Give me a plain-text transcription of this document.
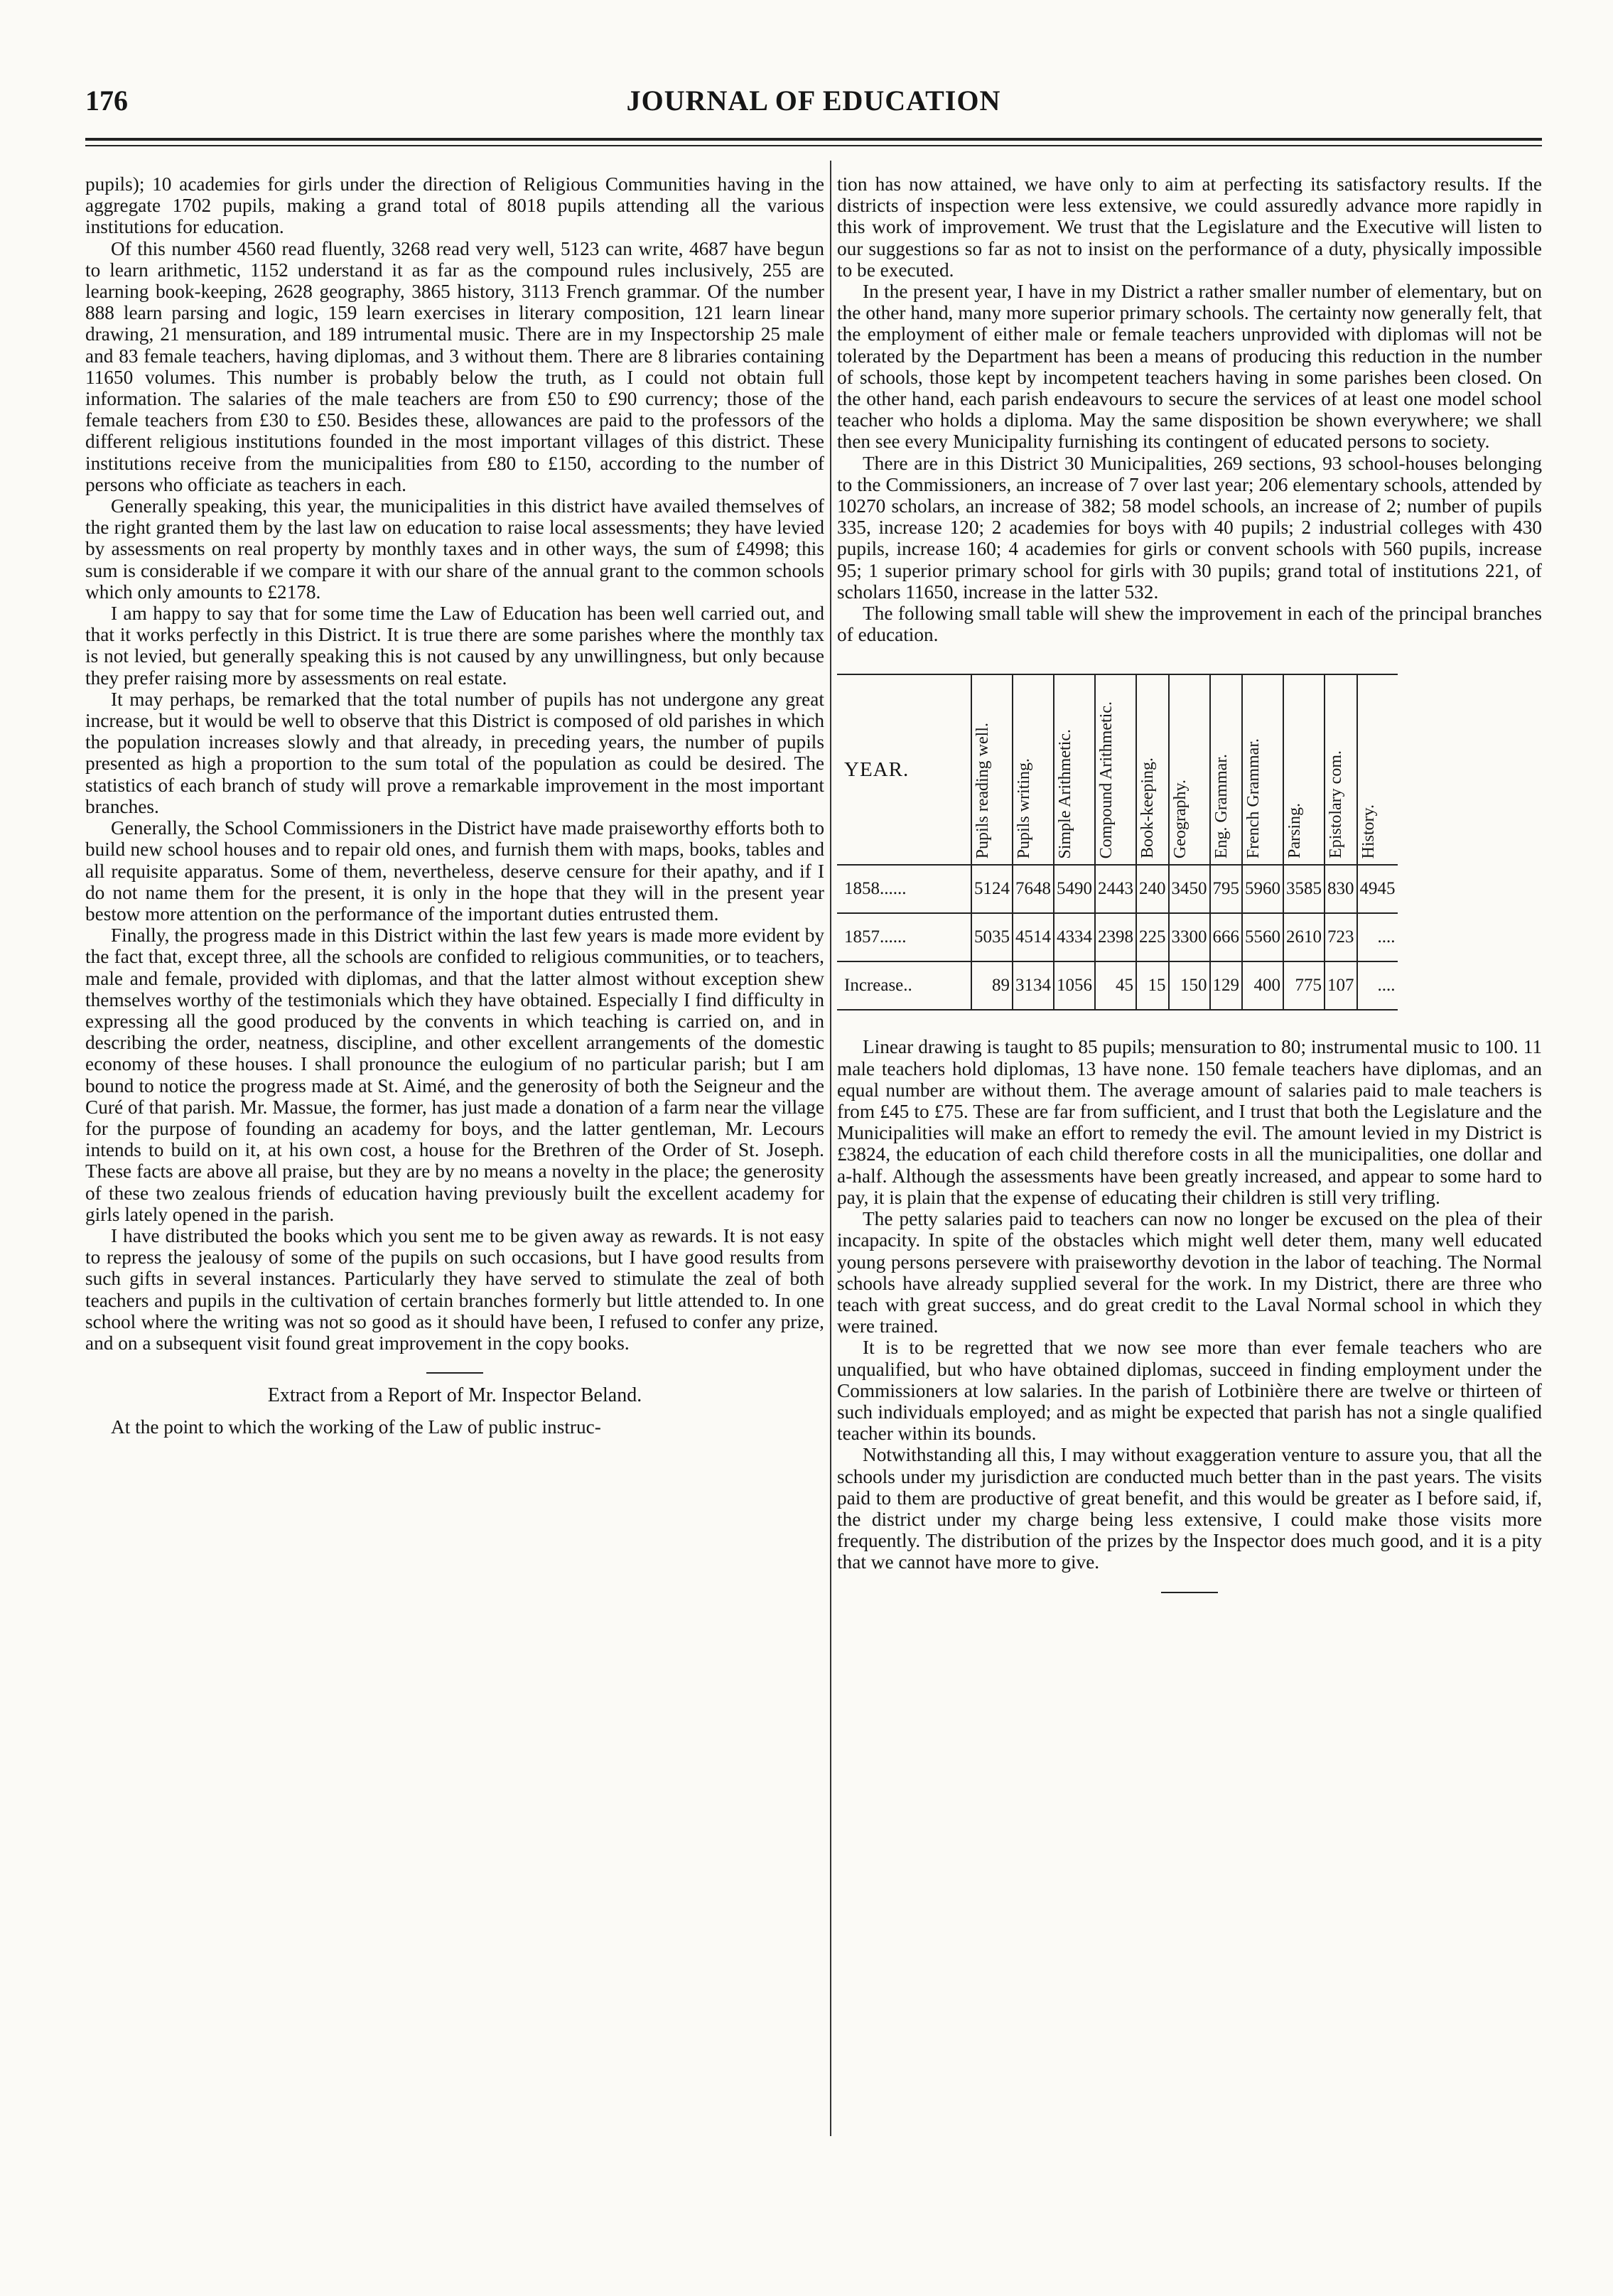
176	JOURNAL OF EDUCATION

pupils); 10 academies for girls under the direction of Religious Communities having in the aggregate 1702 pupils, making a grand total of 8018 pupils attending all the various institutions for education.

Of this number 4560 read fluently, 3268 read very well, 5123 can write, 4687 have begun to learn arithmetic, 1152 understand it as far as the compound rules inclusively, 255 are learning book-keeping, 2628 geography, 3865 history, 3113 French grammar. Of the number 888 learn parsing and logic, 159 learn exercises in literary composition, 121 learn linear drawing, 21 mensuration, and 189 intrumental music. There are in my Inspectorship 25 male and 83 female teachers, having diplomas, and 3 without them. There are 8 libraries containing 11650 volumes. This number is probably below the truth, as I could not obtain full information. The salaries of the male teachers are from £50 to £90 currency; those of the female teachers from £30 to £50. Besides these, allowances are paid to the professors of the different religious institutions founded in the most important villages of this district. These institutions receive from the municipalities from £80 to £150, according to the number of persons who officiate as teachers in each.

Generally speaking, this year, the municipalities in this district have availed themselves of the right granted them by the last law on education to raise local assessments; they have levied by assessments on real property by monthly taxes and in other ways, the sum of £4998; this sum is considerable if we compare it with our share of the annual grant to the common schools which only amounts to £2178.

I am happy to say that for some time the Law of Education has been well carried out, and that it works perfectly in this District. It is true there are some parishes where the monthly tax is not levied, but generally speaking this is not caused by any unwillingness, but only because they prefer raising more by assessments on real estate.

It may perhaps, be remarked that the total number of pupils has not undergone any great increase, but it would be well to observe that this District is composed of old parishes in which the population increases slowly and that already, in preceding years, the number of pupils presented as high a proportion to the sum total of the population as could be desired. The statistics of each branch of study will prove a remarkable improvement in the most important branches.

Generally, the School Commissioners in the District have made praiseworthy efforts both to build new school houses and to repair old ones, and furnish them with maps, books, tables and all requisite apparatus. Some of them, nevertheless, deserve censure for their apathy, and if I do not name them for the present, it is only in the hope that they will in the present year bestow more attention on the performance of the important duties entrusted them.

Finally, the progress made in this District within the last few years is made more evident by the fact that, except three, all the schools are confided to religious communities, or to teachers, male and female, provided with diplomas, and that the latter almost without exception shew themselves worthy of the testimonials which they have obtained. Especially I find difficulty in expressing all the good produced by the convents in which teaching is carried on, and in describing the order, neatness, discipline, and other excellent arrangements of the domestic economy of these houses. I shall pronounce the eulogium of no particular parish; but I am bound to notice the progress made at St. Aimé, and the generosity of both the Seigneur and the Curé of that parish. Mr. Massue, the former, has just made a donation of a farm near the village for the purpose of founding an academy for boys, and the latter gentleman, Mr. Lecours intends to build on it, at his own cost, a house for the Brethren of the Order of St. Joseph. These facts are above all praise, but they are by no means a novelty in the place; the generosity of these two zealous friends of education having previously built the excellent academy for girls lately opened in the parish.

I have distributed the books which you sent me to be given away as rewards. It is not easy to repress the jealousy of some of the pupils on such occasions, but I have good results from such gifts in several instances. Particularly they have served to stimulate the zeal of both teachers and pupils in the cultivation of certain branches formerly but little attended to. In one school where the writing was not so good as it should have been, I refused to confer any prize, and on a subsequent visit found great improvement in the copy books.

Extract from a Report of Mr. Inspector Beland.

At the point to which the working of the Law of public instruc-

tion has now attained, we have only to aim at perfecting its satisfactory results. If the districts of inspection were less extensive, we could assuredly advance more rapidly in this work of improvement. We trust that the Legislature and the Executive will listen to our suggestions so far as not to insist on the performance of a duty, physically impossible to be executed.

In the present year, I have in my District a rather smaller number of elementary, but on the other hand, many more superior primary schools. The certainty now generally felt, that the employment of either male or female teachers unprovided with diplomas will not be tolerated by the Department has been a means of producing this reduction in the number of schools, those kept by incompetent teachers having in some parishes been closed. On the other hand, each parish endeavours to secure the services of at least one model school teacher who holds a diploma. May the same disposition be shown everywhere; we shall then see every Municipality furnishing its contingent of educated persons to society.

There are in this District 30 Municipalities, 269 sections, 93 school-houses belonging to the Commissioners, an increase of 7 over last year; 206 elementary schools, attended by 10270 scholars, an increase of 382; 58 model schools, an increase of 2; number of pupils 335, increase 120; 2 academies for boys with 40 pupils; 2 industrial colleges with 430 pupils, increase 160; 4 academies for girls or convent schools with 560 pupils, increase 95; 1 superior primary school for girls with 30 pupils; grand total of institutions 221, of scholars 11650, increase in the latter 532.

The following small table will shew the improvement in each of the principal branches of education.

YEAR.	Pupils reading well.	Pupils writing.	Simple Arithmetic.	Compound Arithmetic.	Book-keeping.	Geography.	Eng. Grammar.	French Grammar.	Parsing.	Epistolary com.	History.
1858......	5124	7648	5490	2443	240	3450	795	5960	3585	830	4945
1857......	5035	4514	4334	2398	225	3300	666	5560	2610	723	....
Increase..	89	3134	1056	45	15	150	129	400	775	107	....

Linear drawing is taught to 85 pupils; mensuration to 80; instrumental music to 100. 11 male teachers hold diplomas, 13 have none. 150 female teachers have diplomas, and an equal number are without them. The average amount of salaries paid to male teachers is from £45 to £75. These are far from sufficient, and I trust that both the Legislature and the Municipalities will make an effort to remedy the evil. The amount levied in my District is £3824, the education of each child therefore costs in all the municipalities, one dollar and a-half. Although the assessments have been greatly increased, and appear to some hard to pay, it is plain that the expense of educating their children is still very trifling.

The petty salaries paid to teachers can now no longer be excused on the plea of their incapacity. In spite of the obstacles which might well deter them, many well educated young persons persevere with praiseworthy devotion in the labor of teaching. The Normal schools have already supplied several for the work. In my District, there are three who teach with great success, and do great credit to the Laval Normal school in which they were trained.

It is to be regretted that we now see more than ever female teachers who are unqualified, but who have obtained diplomas, succeed in finding employment under the Commissioners at low salaries. In the parish of Lotbinière there are twelve or thirteen of such individuals employed; and as might be expected that parish has not a single qualified teacher within its bounds.

Notwithstanding all this, I may without exaggeration venture to assure you, that all the schools under my jurisdiction are conducted much better than in the past years. The visits paid to them are productive of great benefit, and this would be greater as I before said, if, the district under my charge being less extensive, I could make those visits more frequently. The distribution of the prizes by the Inspector does much good, and it is a pity that we cannot have more to give.
